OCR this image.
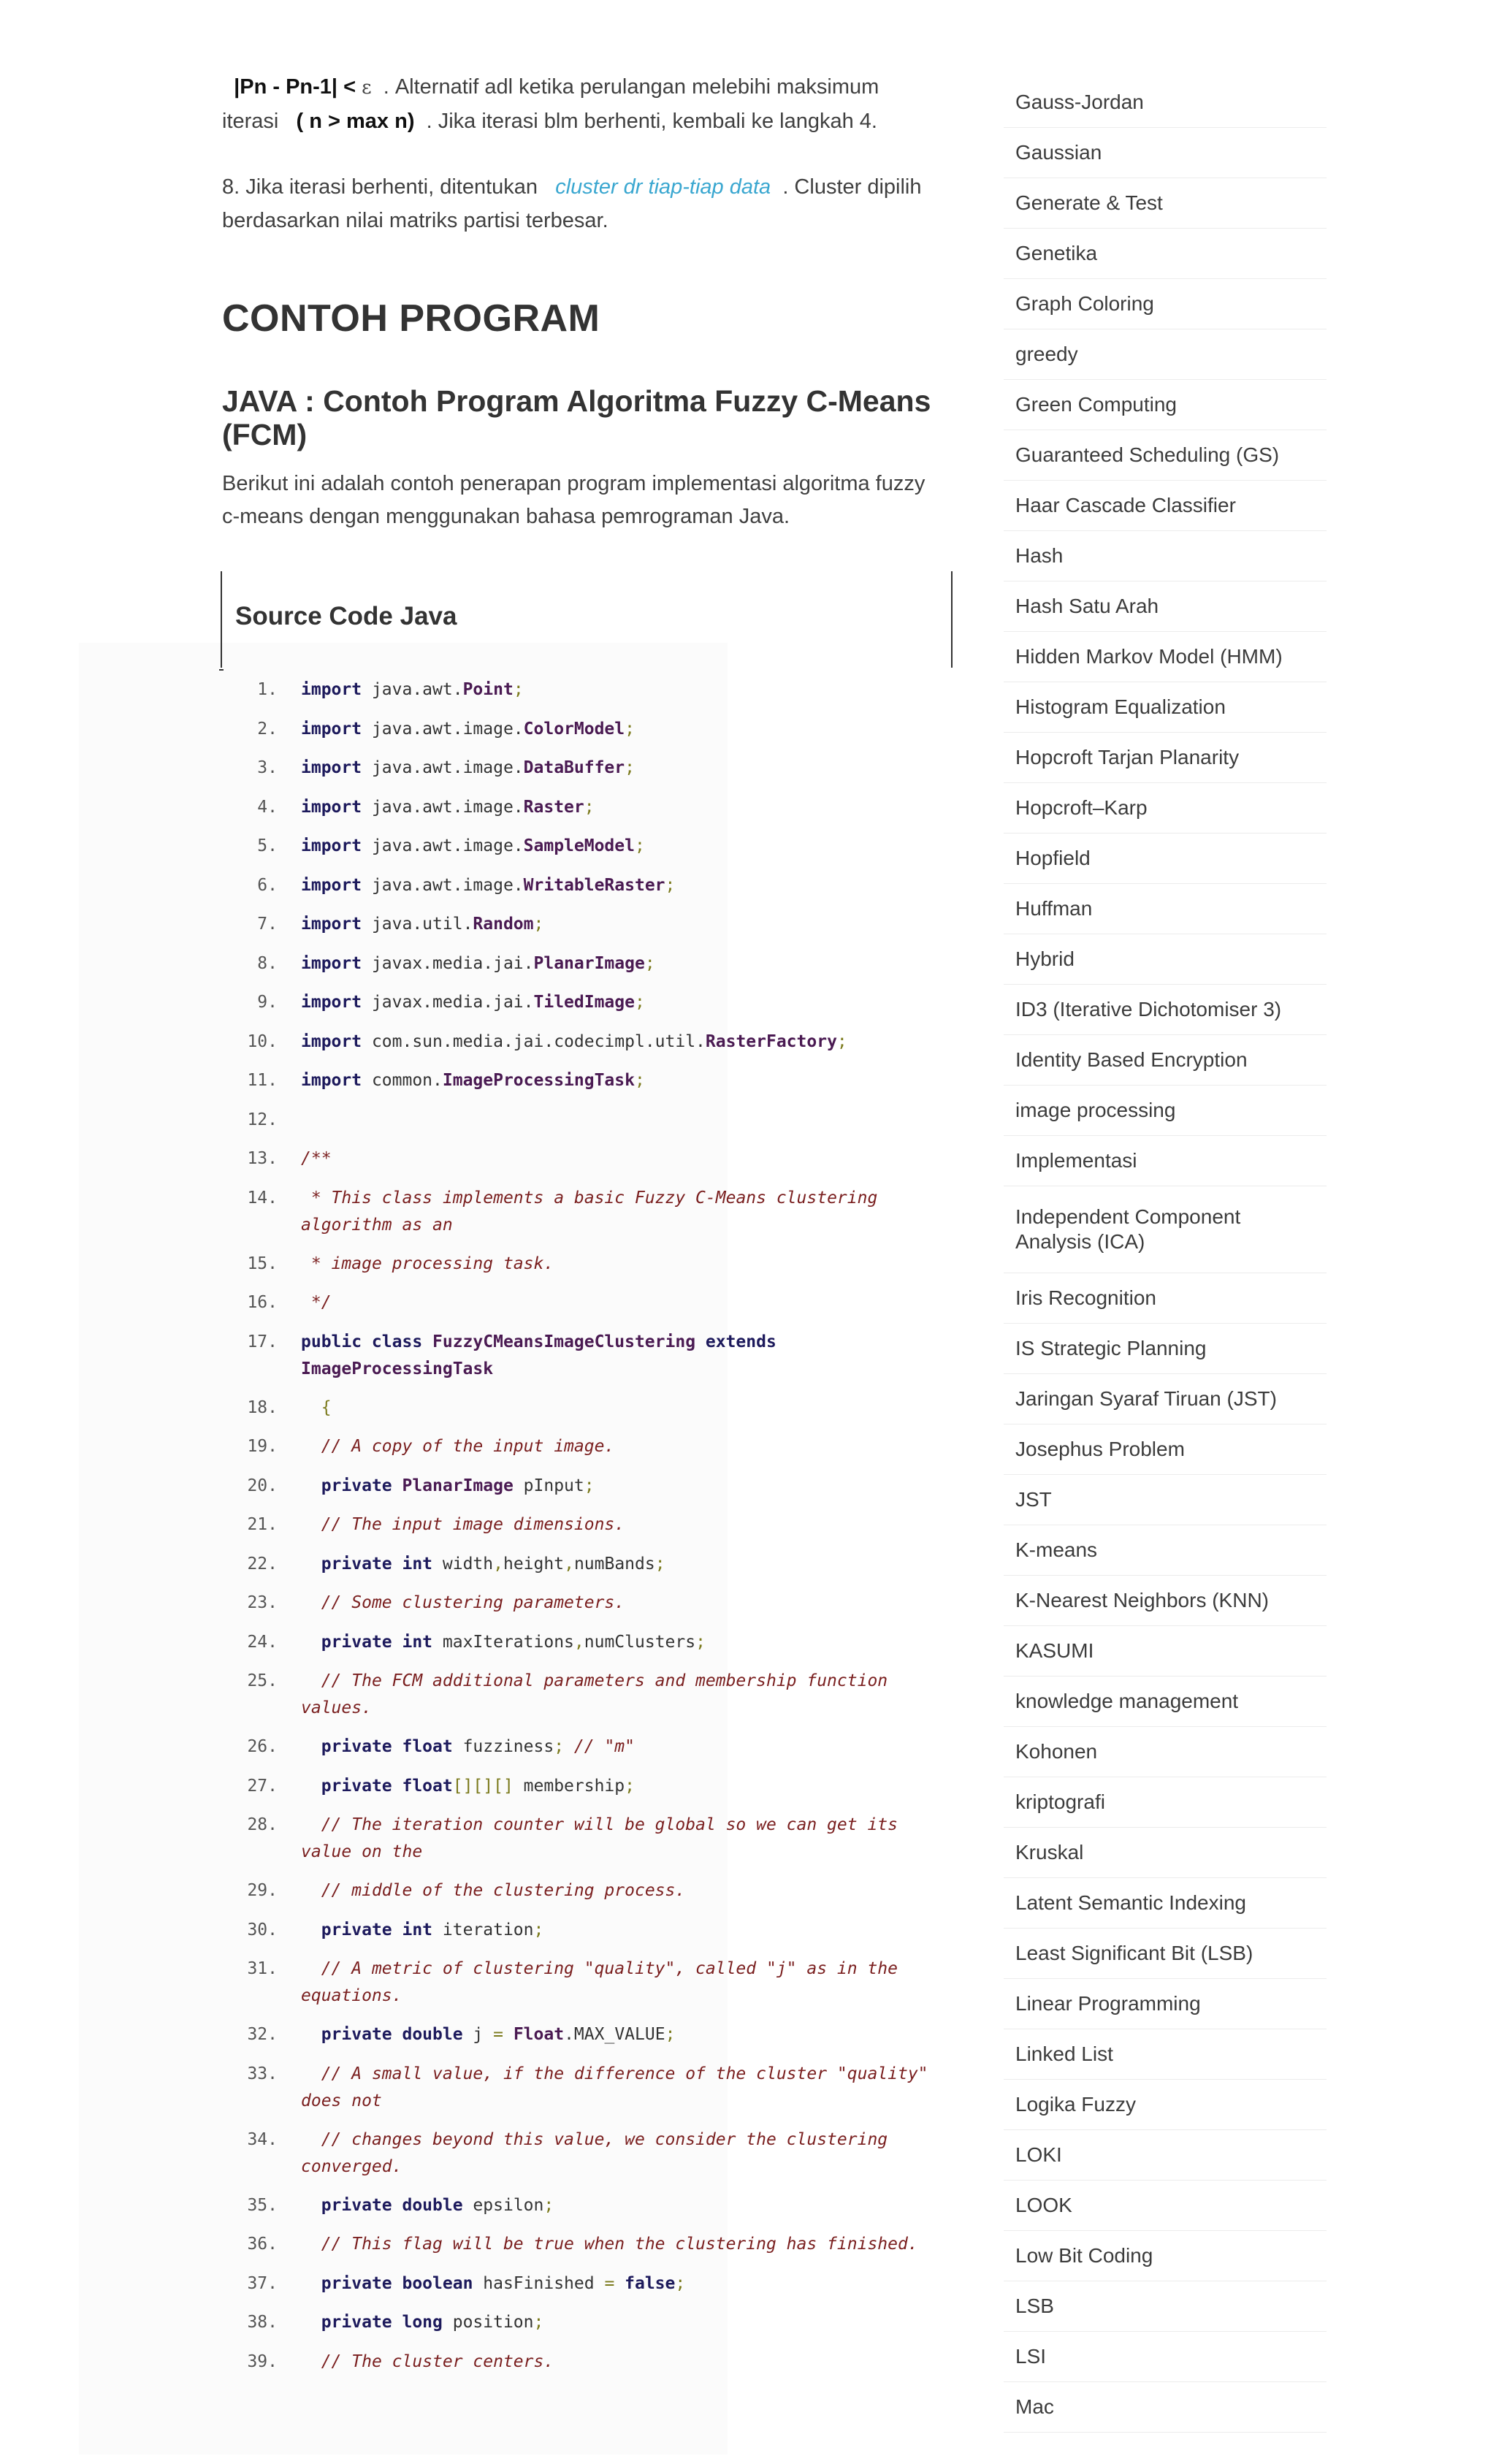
|Pn - Pn-1| < ε . Alternatif adl ketika perulangan melebihi maksimum iterasi ( n > max n) . Jika iterasi blm berhenti, kembali ke langkah 4.

8. Jika iterasi berhenti, ditentukan cluster dr tiap-tiap data . Cluster dipilih berdasarkan nilai matriks partisi terbesar.

CONTOH PROGRAM
JAVA : Contoh Program Algoritma Fuzzy C-Means (FCM)

Berikut ini adalah contoh penerapan program implementasi algoritma fuzzy c-means dengan menggunakan bahasa pemrograman Java.

Source Code Java
1. import java.awt.Point;
2. import java.awt.image.ColorModel;
3. import java.awt.image.DataBuffer;
4. import java.awt.image.Raster;
5. import java.awt.image.SampleModel;
6. import java.awt.image.WritableRaster;
7. import java.util.Random;
8. import javax.media.jai.PlanarImage;
9. import javax.media.jai.TiledImage;
10. import com.sun.media.jai.codecimpl.util.RasterFactory;
11. import common.ImageProcessingTask;
12.
13. /**
14. * This class implements a basic Fuzzy C-Means clustering algorithm as an
15. * image processing task.
16. */
17. public class FuzzyCMeansImageClustering extends ImageProcessingTask
18. {
19. // A copy of the input image.
20. private PlanarImage pInput;
21. // The input image dimensions.
22. private int width,height,numBands;
23. // Some clustering parameters.
24. private int maxIterations,numClusters;
25. // The FCM additional parameters and membership function values.
26. private float fuzziness; // "m"
27. private float[][][] membership;
28. // The iteration counter will be global so we can get its value on the
29. // middle of the clustering process.
30. private int iteration;
31. // A metric of clustering "quality", called "j" as in the equations.
32. private double j = Float.MAX_VALUE;
33. // A small value, if the difference of the cluster "quality" does not
34. // changes beyond this value, we consider the clustering converged.
35. private double epsilon;
36. // This flag will be true when the clustering has finished.
37. private boolean hasFinished = false;
38. private long position;
39. // The cluster centers.
Gauss-Jordan
Gaussian
Generate & Test
Genetika
Graph Coloring
greedy
Green Computing
Guaranteed Scheduling (GS)
Haar Cascade Classifier
Hash
Hash Satu Arah
Hidden Markov Model (HMM)
Histogram Equalization
Hopcroft Tarjan Planarity
Hopcroft–Karp
Hopfield
Huffman
Hybrid
ID3 (Iterative Dichotomiser 3)
Identity Based Encryption
image processing
Implementasi
Independent Component Analysis (ICA)
Iris Recognition
IS Strategic Planning
Jaringan Syaraf Tiruan (JST)
Josephus Problem
JST
K-means
K-Nearest Neighbors (KNN)
KASUMI
knowledge management
Kohonen
kriptografi
Kruskal
Latent Semantic Indexing
Least Significant Bit (LSB)
Linear Programming
Linked List
Logika Fuzzy
LOKI
LOOK
Low Bit Coding
LSB
LSI
Mac
